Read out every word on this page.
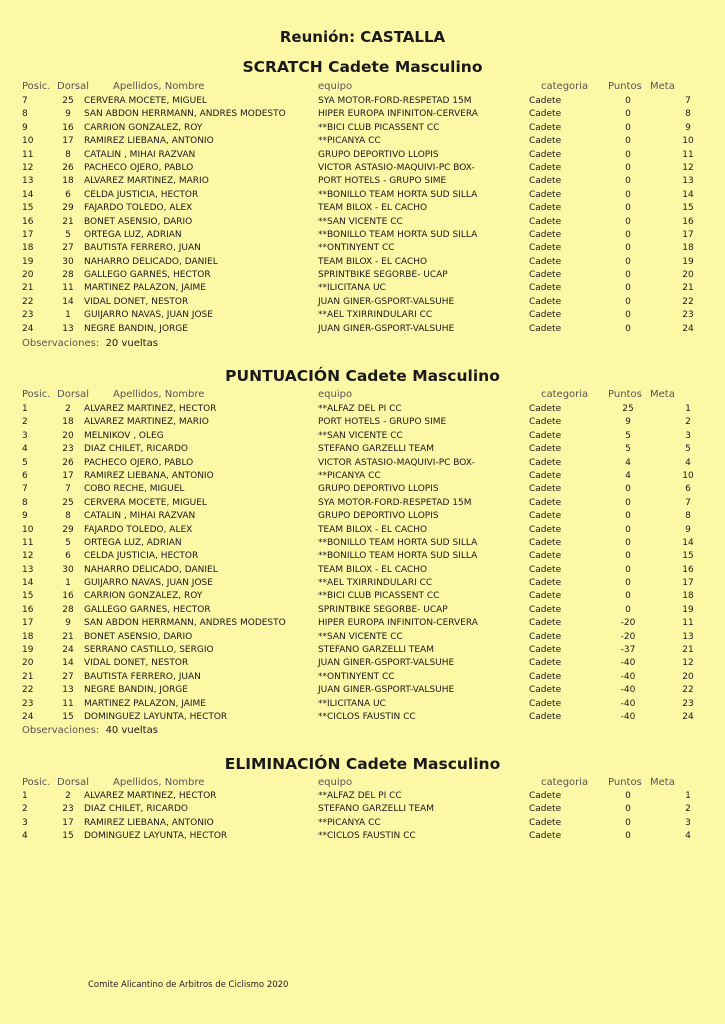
Reunión: CASTALLA
SCRATCH Cadete Masculino
Posic. Dorsal Apellidos, Nombre	equipo	categoria Puntos Meta
7	25	CERVERA MOCETE, MIGUEL	SYA MOTOR-FORD-RESPETAD 15M	Cadete	0	7
8	9	SAN ABDON HERRMANN, ANDRES MODESTO	HIPER EUROPA INFINITON-CERVERA	Cadete	0	8
9	16	CARRION GONZALEZ, ROY	**BICI CLUB PICASSENT CC	Cadete	0	9
10	17	RAMIREZ LIEBANA, ANTONIO	**PICANYA CC	Cadete	0	10
11	8	CATALIN , MIHAI RAZVAN	GRUPO DEPORTIVO LLOPIS	Cadete	0	11
12	26	PACHECO OJERO, PABLO	VICTOR ASTASIO-MAQUIVI-PC BOX-	Cadete	0	12
13	18	ALVAREZ MARTINEZ, MARIO	PORT HOTELS - GRUPO SIME	Cadete	0	13
14	6	CELDA JUSTICIA, HECTOR	**BONILLO TEAM HORTA SUD SILLA	Cadete	0	14
15	29	FAJARDO TOLEDO, ALEX	TEAM BILOX - EL CACHO	Cadete	0	15
16	21	BONET ASENSIO, DARIO	**SAN VICENTE CC	Cadete	0	16
17	5	ORTEGA LUZ, ADRIAN	**BONILLO TEAM HORTA SUD SILLA	Cadete	0	17
18	27	BAUTISTA FERRERO, JUAN	**ONTINYENT CC	Cadete	0	18
19	30	NAHARRO DELICADO, DANIEL	TEAM BILOX - EL CACHO	Cadete	0	19
20	28	GALLEGO GARNES, HECTOR	SPRINTBIKE SEGORBE- UCAP	Cadete	0	20
21	11	MARTINEZ PALAZON, JAIME	**ILICITANA UC	Cadete	0	21
22	14	VIDAL DONET, NESTOR	JUAN GINER-GSPORT-VALSUHE	Cadete	0	22
23	1	GUIJARRO NAVAS, JUAN JOSE	**AEL TXIRRINDULARI CC	Cadete	0	23
24	13	NEGRE BANDIN, JORGE	JUAN GINER-GSPORT-VALSUHE	Cadete	0	24
Observaciones: 20 vueltas
PUNTUACIÓN Cadete Masculino
Posic. Dorsal Apellidos, Nombre	equipo	categoria Puntos Meta
1	2	ALVAREZ MARTINEZ, HECTOR	**ALFAZ DEL PI CC	Cadete	25	1
2	18	ALVAREZ MARTINEZ, MARIO	PORT HOTELS - GRUPO SIME	Cadete	9	2
3	20	MELNIKOV , OLEG	**SAN VICENTE CC	Cadete	5	3
4	23	DIAZ CHILET, RICARDO	STEFANO GARZELLI TEAM	Cadete	5	5
5	26	PACHECO OJERO, PABLO	VICTOR ASTASIO-MAQUIVI-PC BOX-	Cadete	4	4
6	17	RAMIREZ LIEBANA, ANTONIO	**PICANYA CC	Cadete	4	10
7	7	COBO RECHE, MIGUEL	GRUPO DEPORTIVO LLOPIS	Cadete	0	6
8	25	CERVERA MOCETE, MIGUEL	SYA MOTOR-FORD-RESPETAD 15M	Cadete	0	7
9	8	CATALIN , MIHAI RAZVAN	GRUPO DEPORTIVO LLOPIS	Cadete	0	8
10	29	FAJARDO TOLEDO, ALEX	TEAM BILOX - EL CACHO	Cadete	0	9
11	5	ORTEGA LUZ, ADRIAN	**BONILLO TEAM HORTA SUD SILLA	Cadete	0	14
12	6	CELDA JUSTICIA, HECTOR	**BONILLO TEAM HORTA SUD SILLA	Cadete	0	15
13	30	NAHARRO DELICADO, DANIEL	TEAM BILOX - EL CACHO	Cadete	0	16
14	1	GUIJARRO NAVAS, JUAN JOSE	**AEL TXIRRINDULARI CC	Cadete	0	17
15	16	CARRION GONZALEZ, ROY	**BICI CLUB PICASSENT CC	Cadete	0	18
16	28	GALLEGO GARNES, HECTOR	SPRINTBIKE SEGORBE- UCAP	Cadete	0	19
17	9	SAN ABDON HERRMANN, ANDRES MODESTO	HIPER EUROPA INFINITON-CERVERA	Cadete	-20	11
18	21	BONET ASENSIO, DARIO	**SAN VICENTE CC	Cadete	-20	13
19	24	SERRANO CASTILLO, SERGIO	STEFANO GARZELLI TEAM	Cadete	-37	21
20	14	VIDAL DONET, NESTOR	JUAN GINER-GSPORT-VALSUHE	Cadete	-40	12
21	27	BAUTISTA FERRERO, JUAN	**ONTINYENT CC	Cadete	-40	20
22	13	NEGRE BANDIN, JORGE	JUAN GINER-GSPORT-VALSUHE	Cadete	-40	22
23	11	MARTINEZ PALAZON, JAIME	**ILICITANA UC	Cadete	-40	23
24	15	DOMINGUEZ LAYUNTA, HECTOR	**CICLOS FAUSTIN CC	Cadete	-40	24
Observaciones: 40 vueltas
ELIMINACIÓN Cadete Masculino
Posic. Dorsal Apellidos, Nombre	equipo	categoria Puntos Meta
1	2	ALVAREZ MARTINEZ, HECTOR	**ALFAZ DEL PI CC	Cadete	0	1
2	23	DIAZ CHILET, RICARDO	STEFANO GARZELLI TEAM	Cadete	0	2
3	17	RAMIREZ LIEBANA, ANTONIO	**PICANYA CC	Cadete	0	3
4	15	DOMINGUEZ LAYUNTA, HECTOR	**CICLOS FAUSTIN CC	Cadete	0	4
Comite Alicantino de Arbitros de Ciclismo 2020
